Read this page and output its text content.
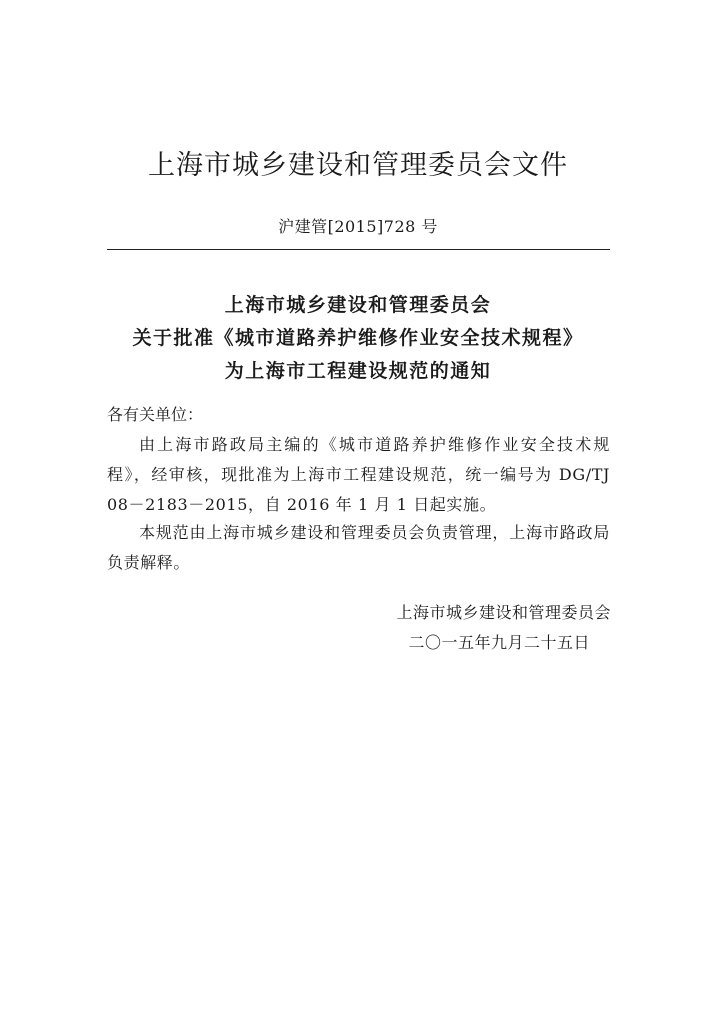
上海市城乡建设和管理委员会文件
沪建管[2015]728 号
上海市城乡建设和管理委员会
关于批准《城市道路养护维修作业安全技术规程》
为上海市工程建设规范的通知
各有关单位：
由上海市路政局主编的《城市道路养护维修作业安全技术规程》，经审核，现批准为上海市工程建设规范，统一编号为 DG/TJ 08－2183－2015，自 2016 年 1 月 1 日起实施。
本规范由上海市城乡建设和管理委员会负责管理，上海市路政局负责解释。
上海市城乡建设和管理委员会
二〇一五年九月二十五日
